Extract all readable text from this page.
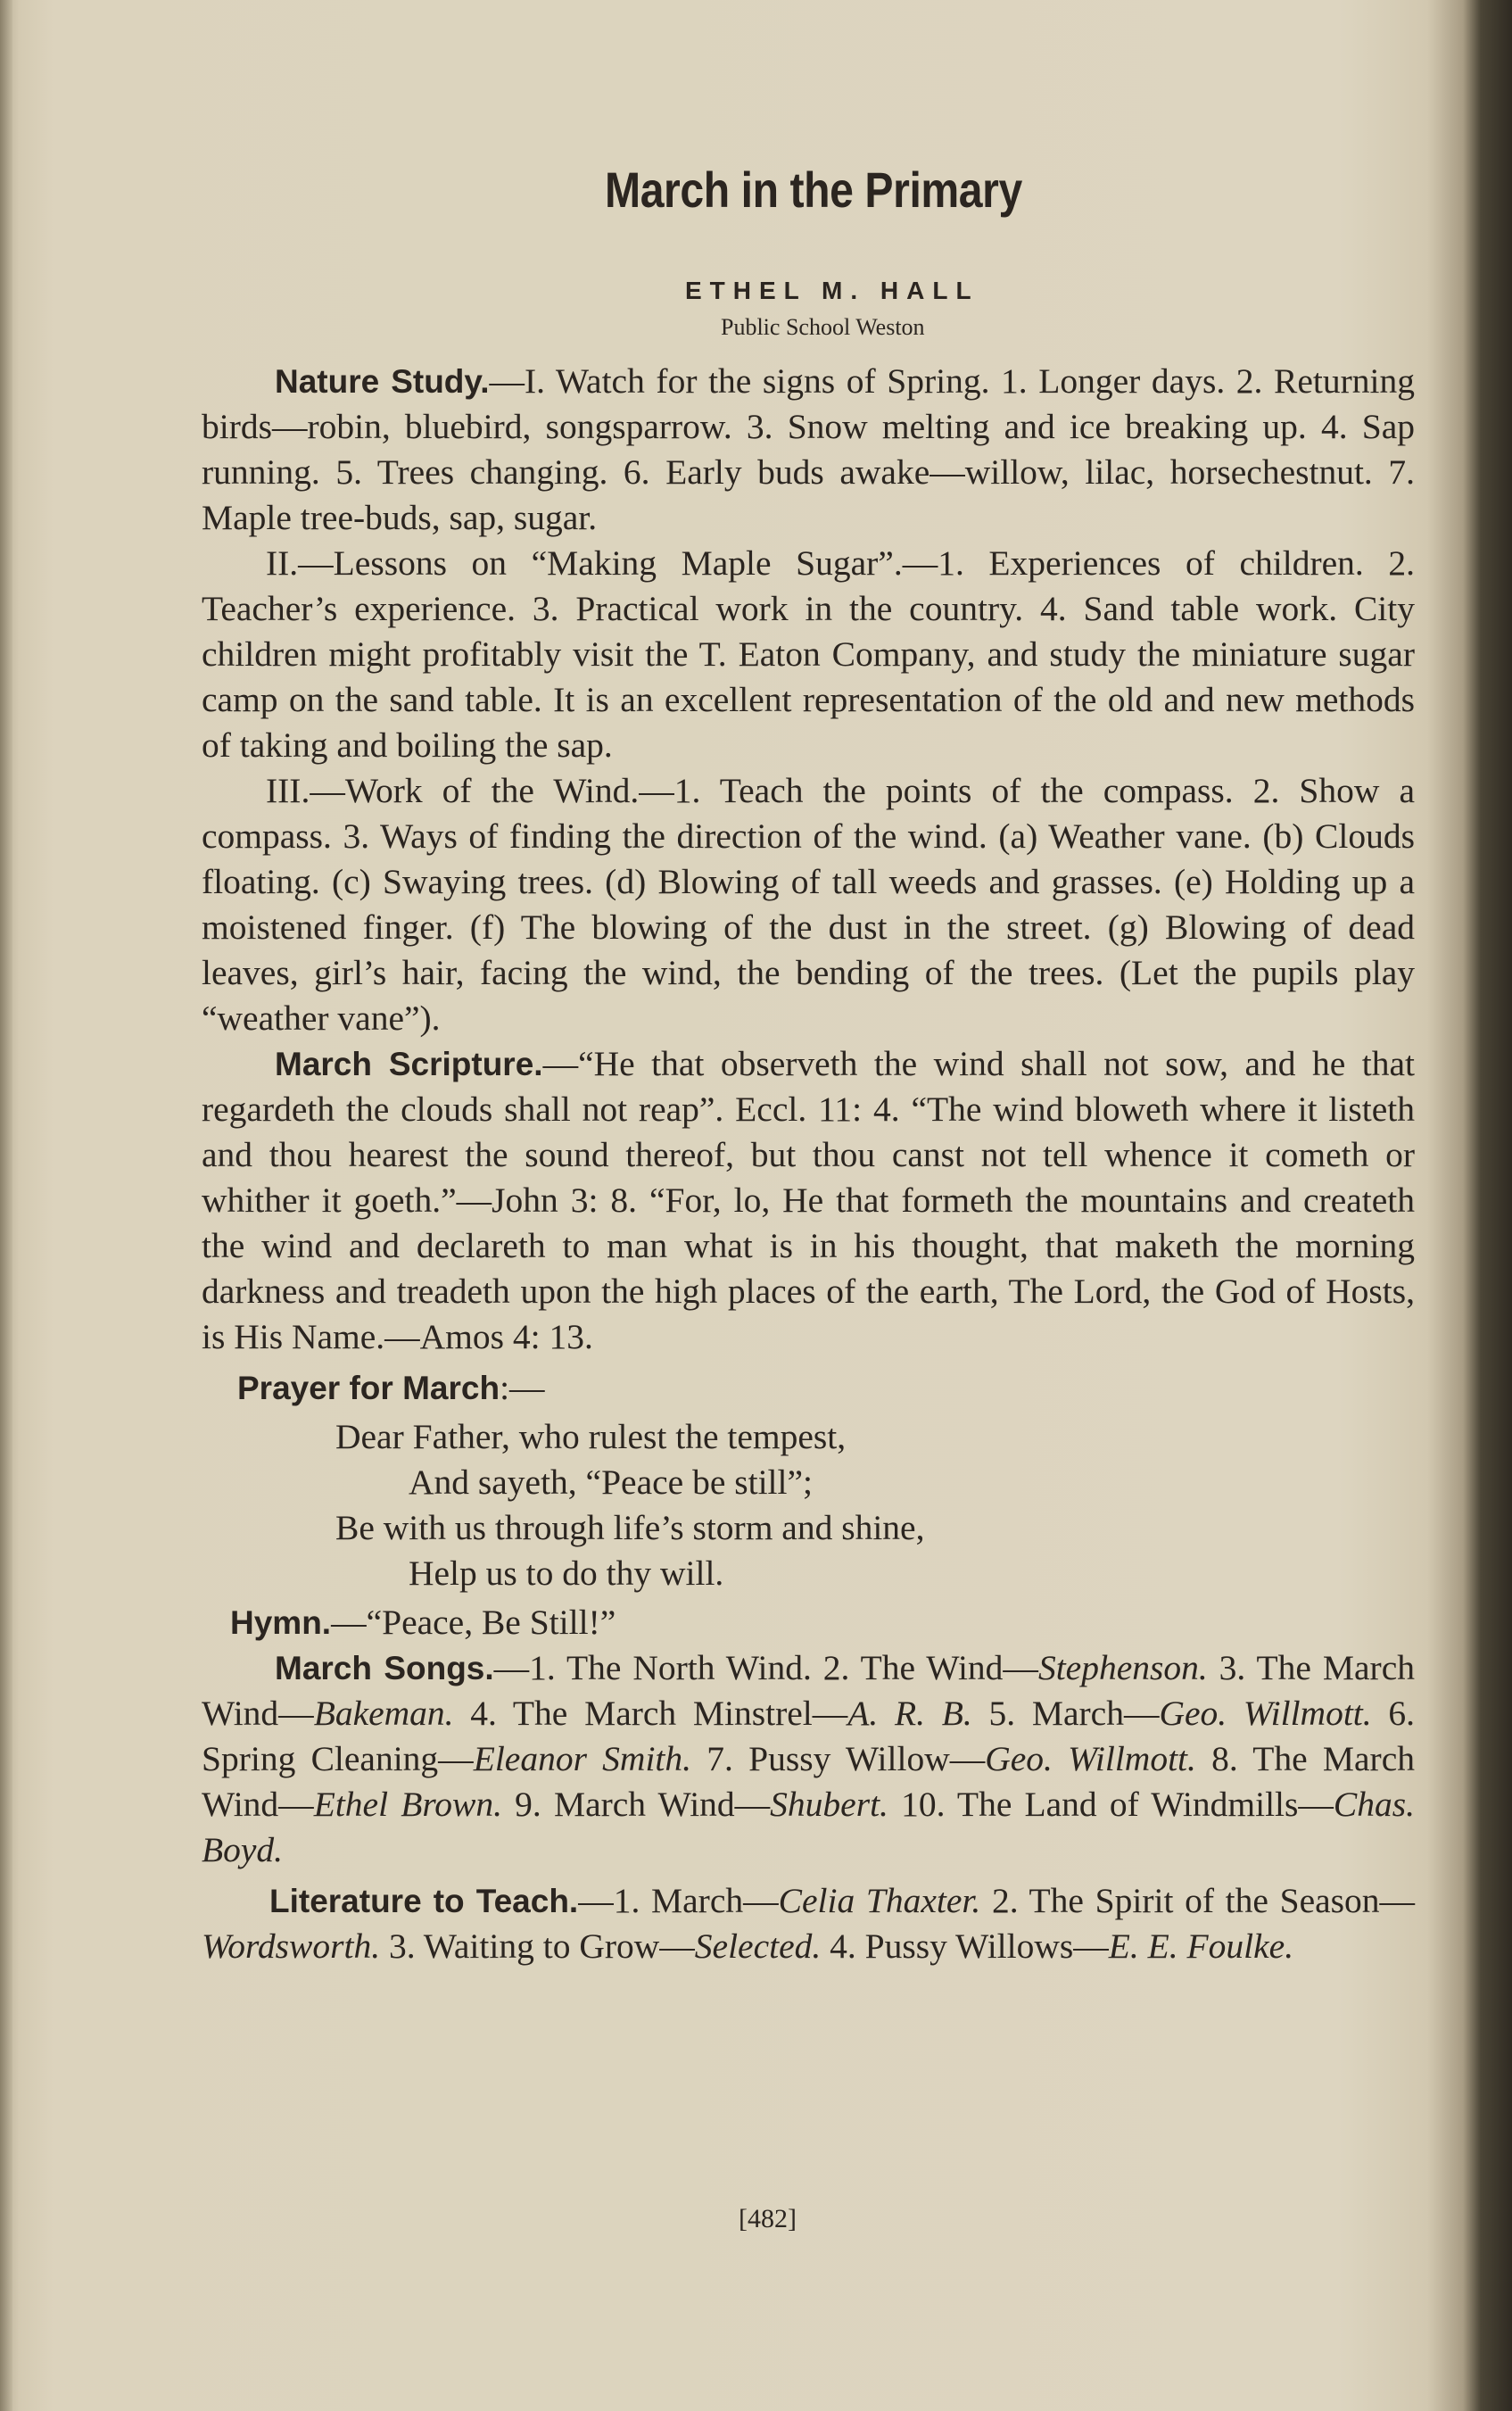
March in the Primary
ETHEL M. HALL
Public School Weston

Nature Study.—I. Watch for the signs of Spring. 1. Longer days. 2. Returning birds—robin, bluebird, songsparrow. 3. Snow melting and ice breaking up. 4. Sap running. 5. Trees changing. 6. Early buds awake—willow, lilac, horsechestnut. 7. Maple tree-buds, sap, sugar.

II.—Lessons on “Making Maple Sugar”.—1. Experiences of children. 2. Teacher’s experience. 3. Practical work in the country. 4. Sand table work. City children might profitably visit the T. Eaton Company, and study the miniature sugar camp on the sand table. It is an excellent representation of the old and new methods of taking and boiling the sap.

III.—Work of the Wind.—1. Teach the points of the compass. 2. Show a compass. 3. Ways of finding the direction of the wind. (a) Weather vane. (b) Clouds floating. (c) Swaying trees. (d) Blowing of tall weeds and grasses. (e) Holding up a moistened finger. (f) The blowing of the dust in the street. (g) Blowing of dead leaves, girl’s hair, facing the wind, the bending of the trees. (Let the pupils play “weather vane”).

March Scripture.—“He that observeth the wind shall not sow, and he that regardeth the clouds shall not reap”. Eccl. 11: 4. “The wind bloweth where it listeth and thou hearest the sound thereof, but thou canst not tell whence it cometh or whither it goeth.”—John 3: 8. “For, lo, He that formeth the mountains and createth the wind and declareth to man what is in his thought, that maketh the morning darkness and treadeth upon the high places of the earth, The Lord, the God of Hosts, is His Name.—Amos 4: 13.

Prayer for March:—
Dear Father, who rulest the tempest,
And sayeth, “Peace be still”;
Be with us through life’s storm and shine,
Help us to do thy will.
Hymn.—“Peace, Be Still!”

March Songs.—1. The North Wind. 2. The Wind—Stephenson. 3. The March Wind—Bakeman. 4. The March Minstrel—A. R. B. 5. March—Geo. Willmott. 6. Spring Cleaning—Eleanor Smith. 7. Pussy Willow—Geo. Willmott. 8. The March Wind—Ethel Brown. 9. March Wind—Shubert. 10. The Land of Windmills—Chas. Boyd.

Literature to Teach.—1. March—Celia Thaxter. 2. The Spirit of the Season—Wordsworth. 3. Waiting to Grow—Selected. 4. Pussy Willows—E. E. Foulke.

[482]
